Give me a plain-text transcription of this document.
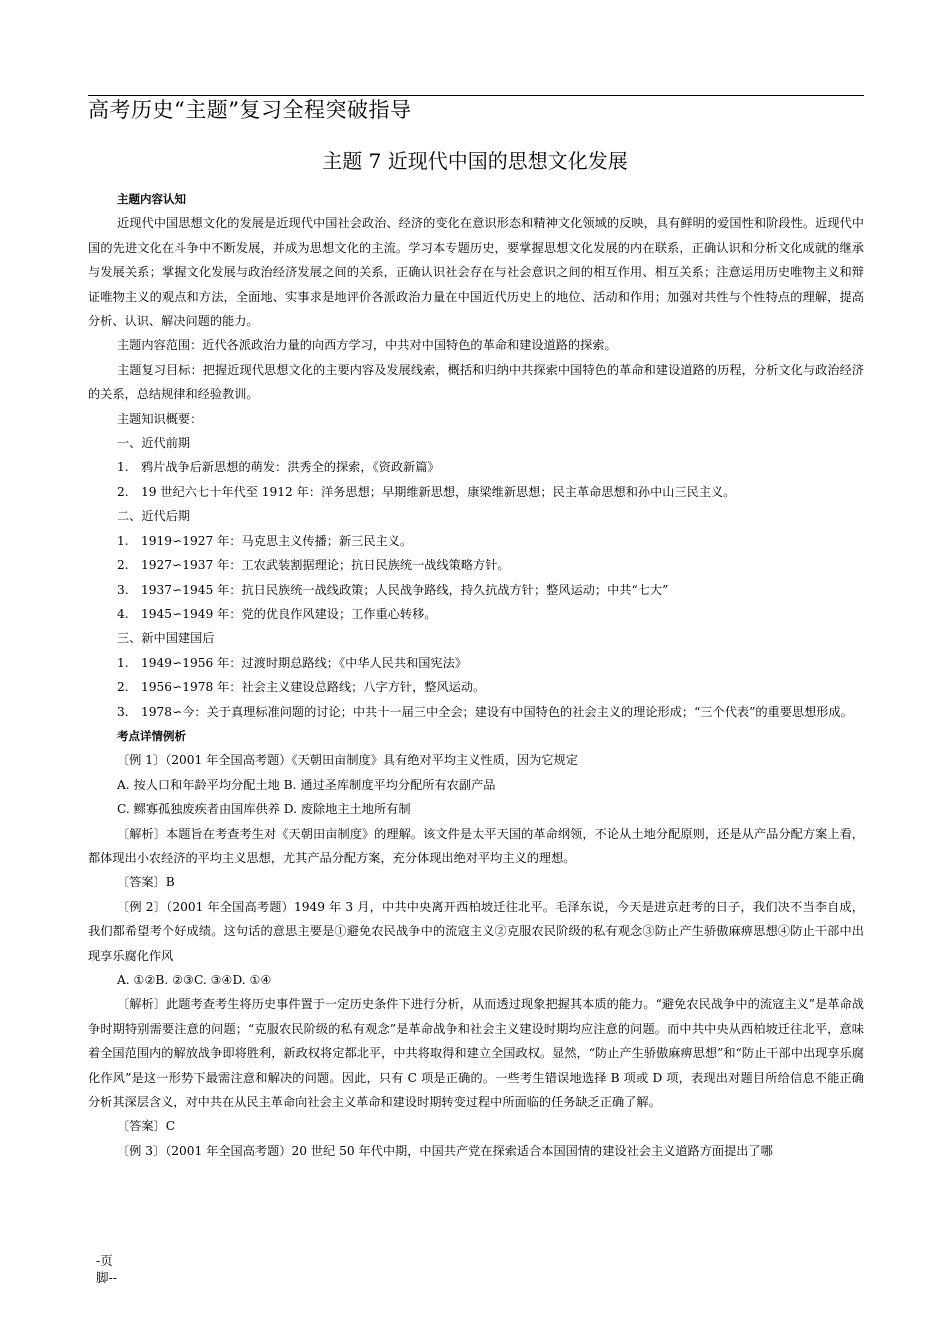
高考历史“主题”复习全程突破指导
主题 7 近现代中国的思想文化发展

主题内容认知

近现代中国思想文化的发展是近现代中国社会政治、经济的变化在意识形态和精神文化领域的反映，具有鲜明的爱国性和阶段性。近现代中国的先进文化在斗争中不断发展，并成为思想文化的主流。学习本专题历史，要掌握思想文化发展的内在联系，正确认识和分析文化成就的继承与发展关系；掌握文化发展与政治经济发展之间的关系，正确认识社会存在与社会意识之间的相互作用、相互关系；注意运用历史唯物主义和辩证唯物主义的观点和方法，全面地、实事求是地评价各派政治力量在中国近代历史上的地位、活动和作用；加强对共性与个性特点的理解，提高分析、认识、解决问题的能力。

主题内容范围：近代各派政治力量的向西方学习，中共对中国特色的革命和建设道路的探索。

主题复习目标：把握近现代思想文化的主要内容及发展线索，概括和归纳中共探索中国特色的革命和建设道路的历程，分析文化与政治经济的关系，总结规律和经验教训。

主题知识概要：

一、近代前期

1. 鸦片战争后新思想的萌发：洪秀全的探索，《资政新篇》

2. 19 世纪六七十年代至 1912 年：洋务思想；早期维新思想，康梁维新思想；民主革命思想和孙中山三民主义。

二、近代后期

1. 1919∽1927 年：马克思主义传播；新三民主义。

2. 1927∽1937 年：工农武装割据理论；抗日民族统一战线策略方针。

3. 1937∽1945 年：抗日民族统一战线政策；人民战争路线，持久抗战方针；整风运动；中共“七大”

4. 1945∽1949 年：党的优良作风建设；工作重心转移。

三、新中国建国后

1. 1949∽1956 年：过渡时期总路线；《中华人民共和国宪法》

2. 1956∽1978 年：社会主义建设总路线；八字方针，整风运动。

3. 1978∽今：关于真理标准问题的讨论；中共十一届三中全会；建设有中国特色的社会主义的理论形成；“三个代表”的重要思想形成。

考点详情例析

〔例 1〕（2001 年全国高考题）《天朝田亩制度》具有绝对平均主义性质，因为它规定

A. 按人口和年龄平均分配土地 B. 通过圣库制度平均分配所有农副产品

C. 鳏寡孤独废疾者由国库供养 D. 废除地主土地所有制

〔解析〕本题旨在考查考生对《天朝田亩制度》的理解。该文件是太平天国的革命纲领，不论从土地分配原则，还是从产品分配方案上看，都体现出小农经济的平均主义思想，尤其产品分配方案，充分体现出绝对平均主义的理想。

〔答案〕B

〔例 2〕（2001 年全国高考题）1949 年 3 月，中共中央离开西柏坡迁往北平。毛泽东说，今天是进京赶考的日子，我们决不当李自成，我们都希望考个好成绩。这句话的意思主要是①避免农民战争中的流寇主义②克服农民阶级的私有观念③防止产生骄傲麻痹思想④防止干部中出现享乐腐化作风

A. ①②B. ②③C. ③④D. ①④

〔解析〕此题考查考生将历史事件置于一定历史条件下进行分析，从而透过现象把握其本质的能力。“避免农民战争中的流寇主义”是革命战争时期特别需要注意的问题；“克服农民阶级的私有观念”是革命战争和社会主义建设时期均应注意的问题。而中共中央从西柏坡迁往北平，意味着全国范围内的解放战争即将胜利，新政权将定都北平，中共将取得和建立全国政权。显然，“防止产生骄傲麻痹思想”和“防止干部中出现享乐腐化作风”是这一形势下最需注意和解决的问题。因此，只有 C 项是正确的。一些考生错误地选择 B 项或 D 项，表现出对题目所给信息不能正确分析其深层含义，对中共在从民主革命向社会主义革命和建设时期转变过程中所面临的任务缺乏正确了解。

〔答案〕C

〔例 3〕（2001 年全国高考题）20 世纪 50 年代中期，中国共产党在探索适合本国国情的建设社会主义道路方面提出了哪

-页
脚--
